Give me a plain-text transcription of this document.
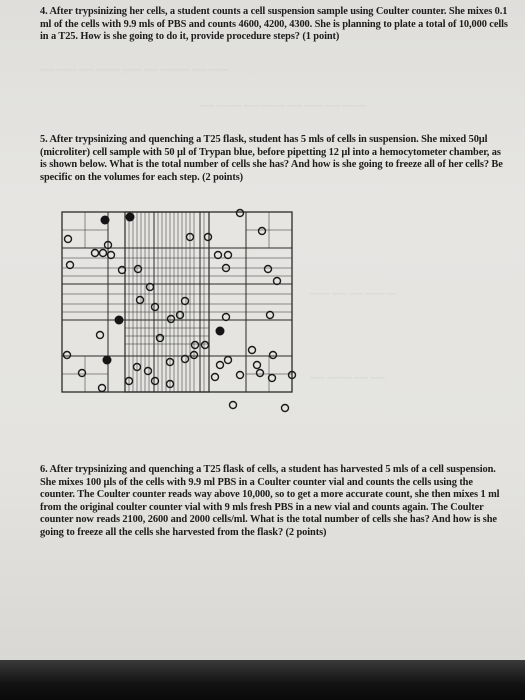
4. After trypsinizing her cells, a student counts a cell suspension sample using Coulter counter. She mixes 0.1 ml of the cells with 9.9 mls of PBS and counts 4600, 4200, 4300. She is planning to plate a total of 10,000 cells in a T25. How is she going to do it, provide procedure steps? (1 point)
~~~ ~~~~ ~~~ ~~~~~ ~~~~ ~~~ ~~~~~~ ~~~ ~~~~
~~~ ~~~~~ ~~~ ~~~~~ ~~~ ~~~~ ~~~ ~~~~~
~~~~ ~~~ ~~~ ~~~~ ~~
~~~ ~~~~~ ~~~ ~~~
5. After trypsinizing and quenching a T25 flask, student has 5 mls of cells in suspension. She mixed 50µl (microliter) cell sample with 50 µl of Trypan blue, before pipetting 12 µl into a hemocytometer chamber, as is shown below. What is the total number of cells she has? And how is she going to freeze all of her cells? Be specific on the volumes for each step. (2 points)
6. After trypsinizing and quenching a T25 flask of cells, a student has harvested 5 mls of a cell suspension. She mixes 100 µls of the cells with 9.9 ml PBS in a Coulter counter vial and counts the cells using the counter. The Coulter counter reads way above 10,000, so to get a more accurate count, she then mixes 1 ml from the original coulter counter vial with 9 mls fresh PBS in a new vial and counts again. The Coulter counter now reads 2100, 2600 and 2000 cells/ml. What is the total number of cells she has? And how is she going to freeze all the cells she harvested from the flask? (2 points)
